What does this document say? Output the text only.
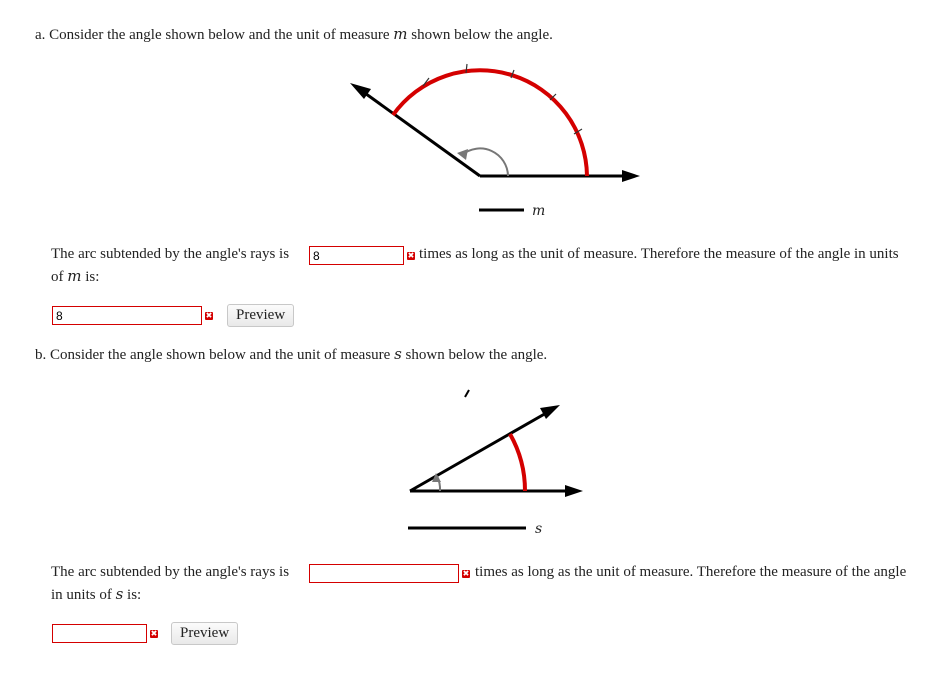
a. Consider the angle shown below and the unit of measure m shown below the angle.
m
s
The arc subtended by the angle's rays is
8	✖ times as long as the unit of measure. Therefore the measure of the angle in units
of m is:
8
✖	Preview
b. Consider the angle shown below and the unit of measure s shown below the angle.
The arc subtended by the angle's rays is	✖ times as long as the unit of measure. Therefore the measure of the angle
in units of s is:
✖	Preview
